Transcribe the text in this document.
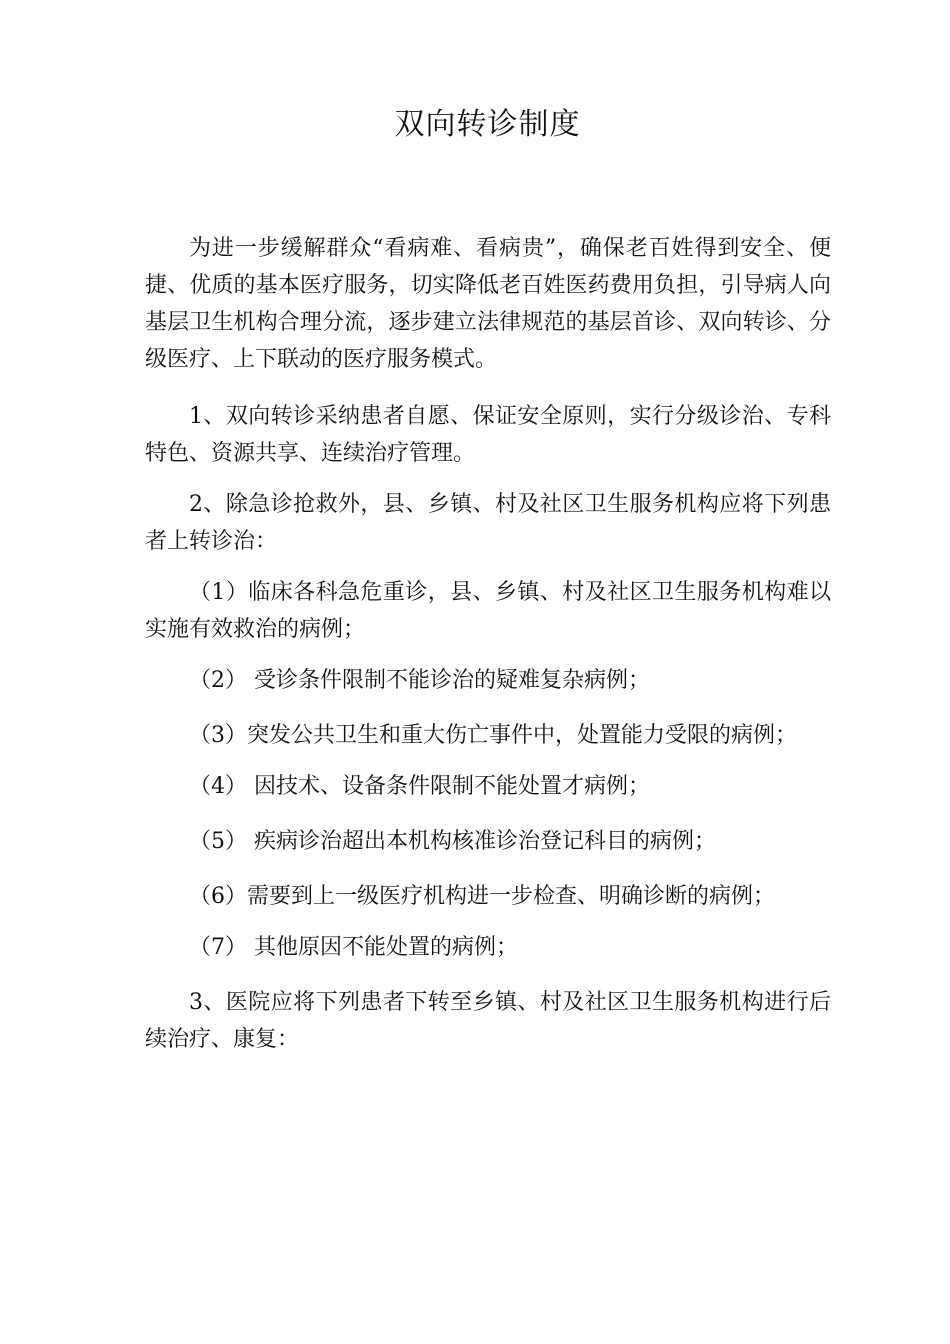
双向转诊制度

为进一步缓解群众“看病难、看病贵”，确保老百姓得到安全、便捷、优质的基本医疗服务，切实降低老百姓医药费用负担，引导病人向基层卫生机构合理分流，逐步建立法律规范的基层首诊、双向转诊、分级医疗、上下联动的医疗服务模式。

1、双向转诊采纳患者自愿、保证安全原则，实行分级诊治、专科特色、资源共享、连续治疗管理。

2、除急诊抢救外，县、乡镇、村及社区卫生服务机构应将下列患者上转诊治：

（1）临床各科急危重诊，县、乡镇、村及社区卫生服务机构难以实施有效救治的病例；

（2） 受诊条件限制不能诊治的疑难复杂病例；

（3）突发公共卫生和重大伤亡事件中，处置能力受限的病例；

（4） 因技术、设备条件限制不能处置才病例；

（5） 疾病诊治超出本机构核准诊治登记科目的病例；

（6）需要到上一级医疗机构进一步检查、明确诊断的病例；

（7） 其他原因不能处置的病例；

3、医院应将下列患者下转至乡镇、村及社区卫生服务机构进行后续治疗、康复：
